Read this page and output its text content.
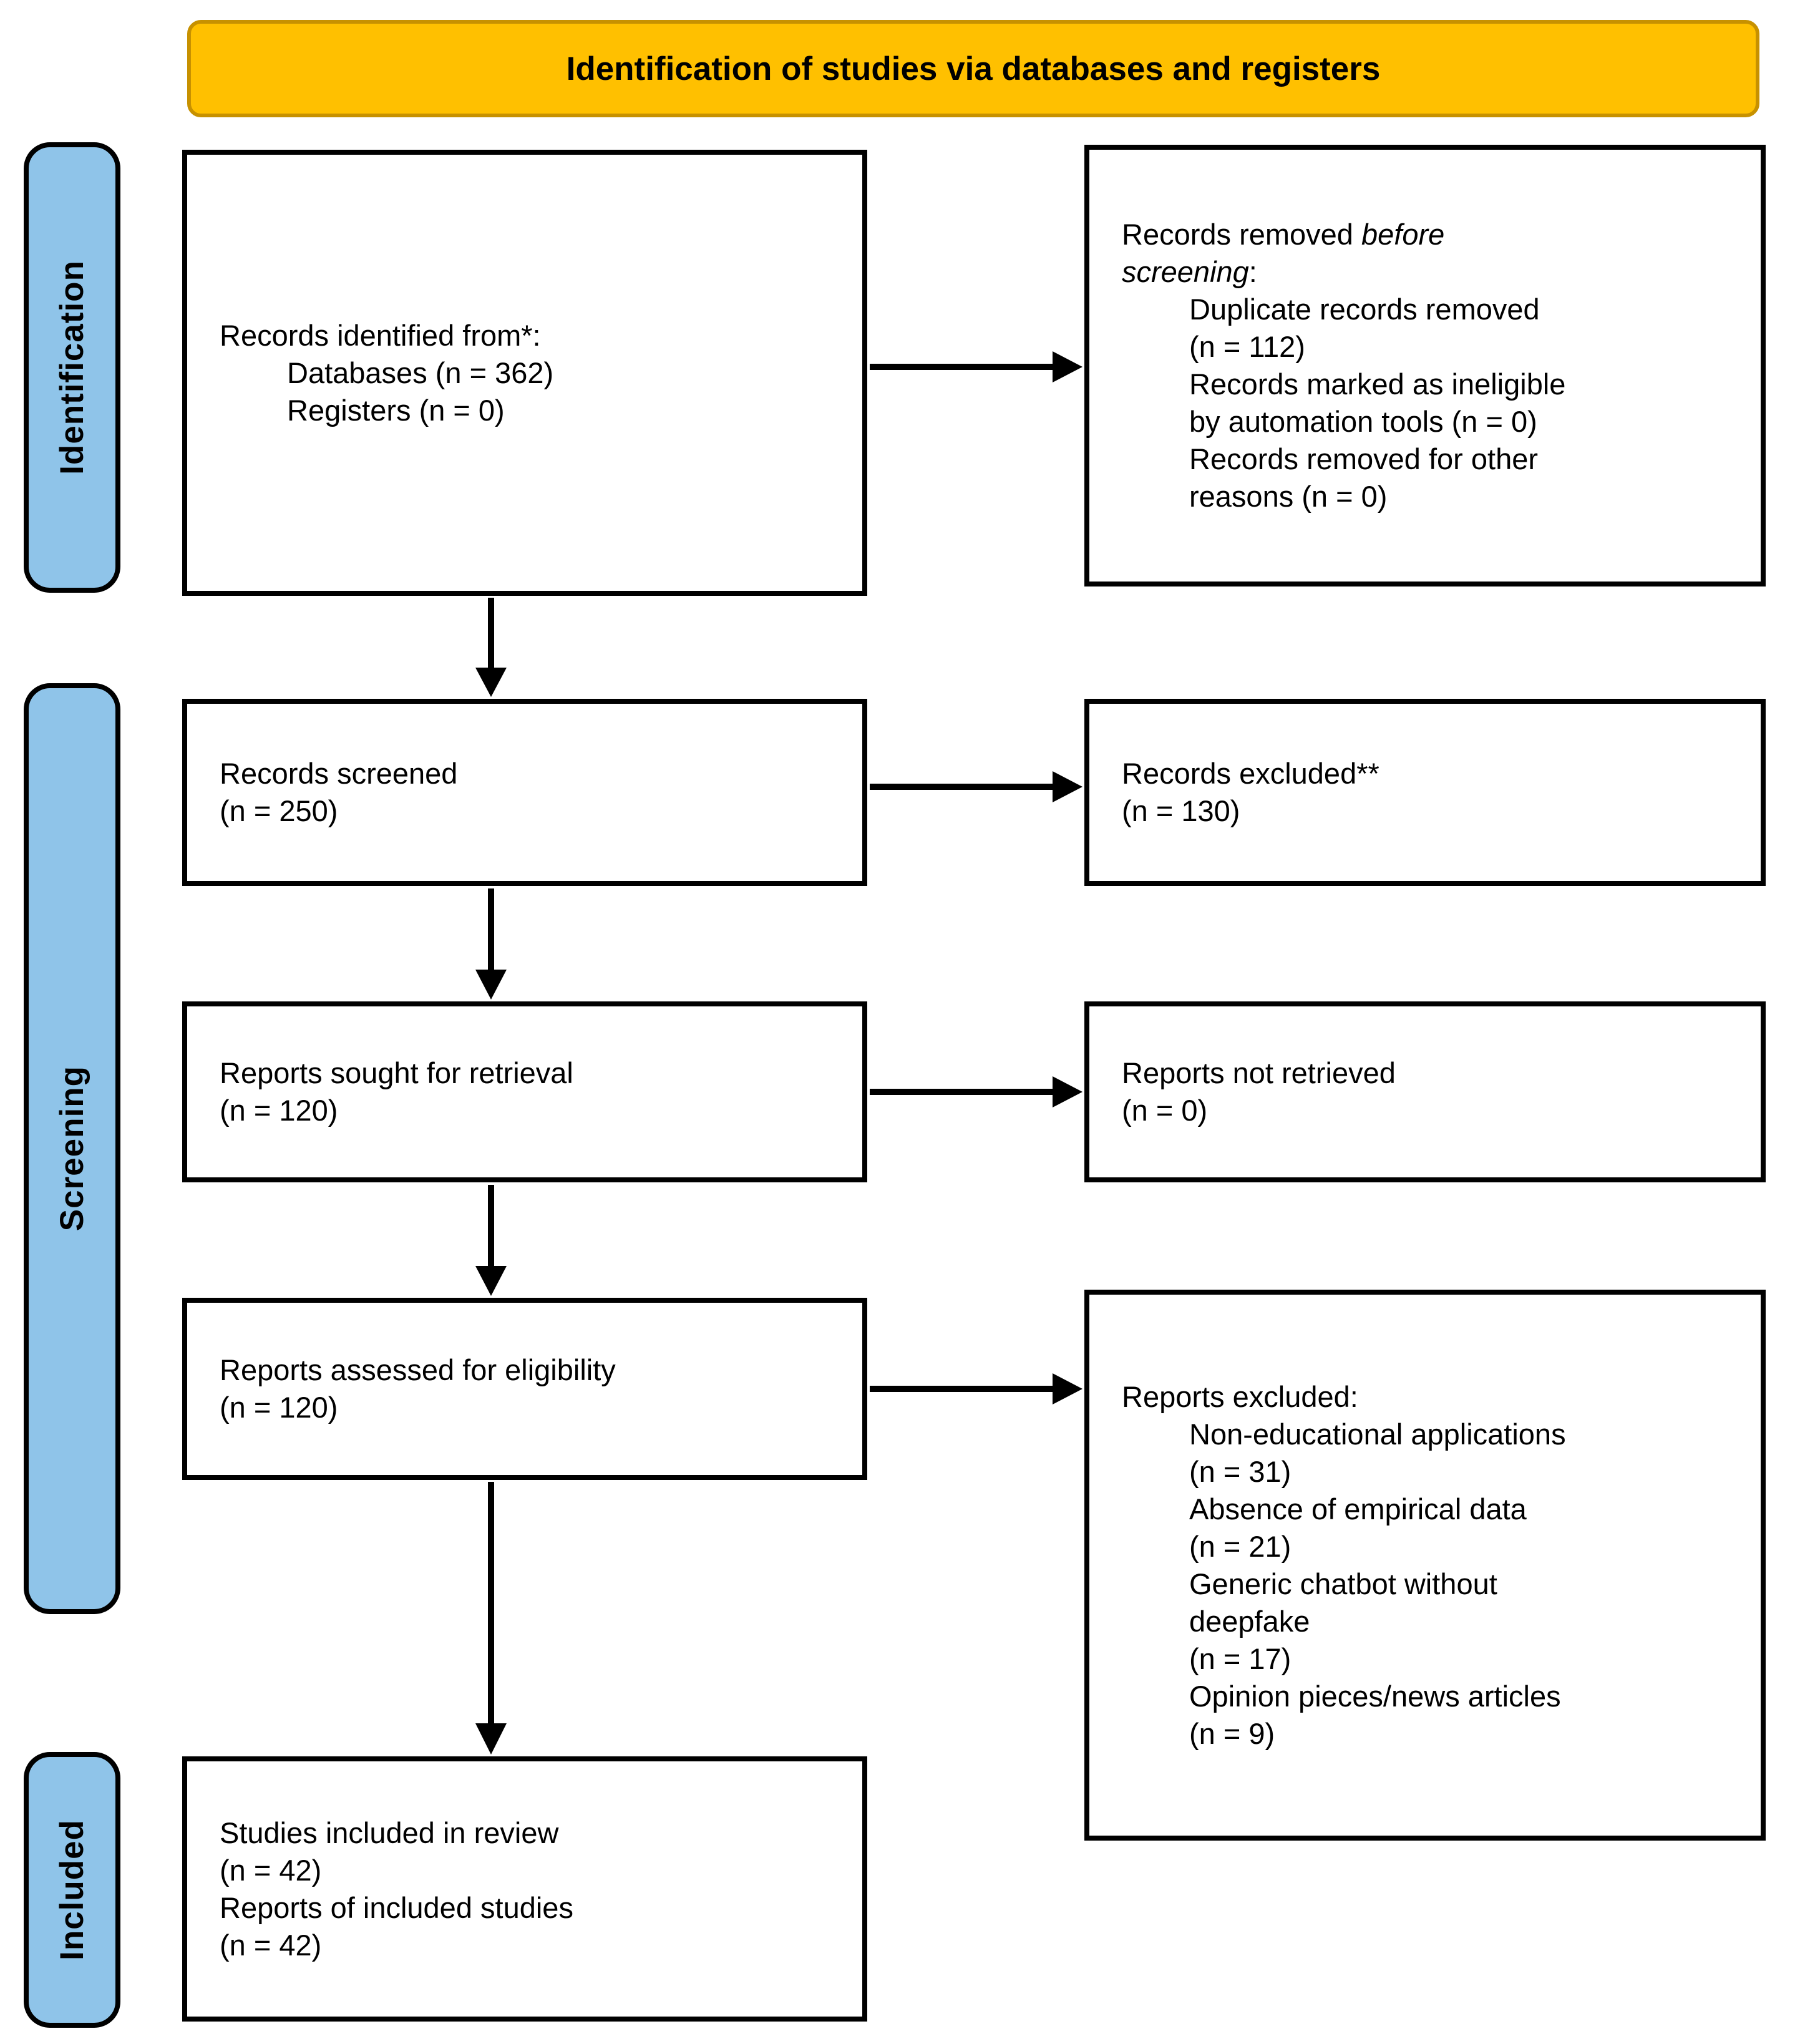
Identification of studies via databases and registers
Identification
Screening
Included
Records identified from*:
Databases (n = 362)
Registers (n = 0)
Records removed before
screening:
Duplicate records removed
(n = 112)
Records marked as ineligible
by automation tools (n = 0)
Records removed for other
reasons (n = 0)
Records screened
(n = 250)
Records excluded**
(n = 130)
Reports sought for retrieval
(n = 120)
Reports not retrieved
(n = 0)
Reports assessed for eligibility
(n = 120)	Reports excluded:
Non-educational applications
(n = 31)
Absence of empirical data
(n = 21)
Generic chatbot without
deepfake
(n = 17)
Opinion pieces/news articles
(n = 9)
Studies included in review
(n = 42)
Reports of included studies
(n = 42)
